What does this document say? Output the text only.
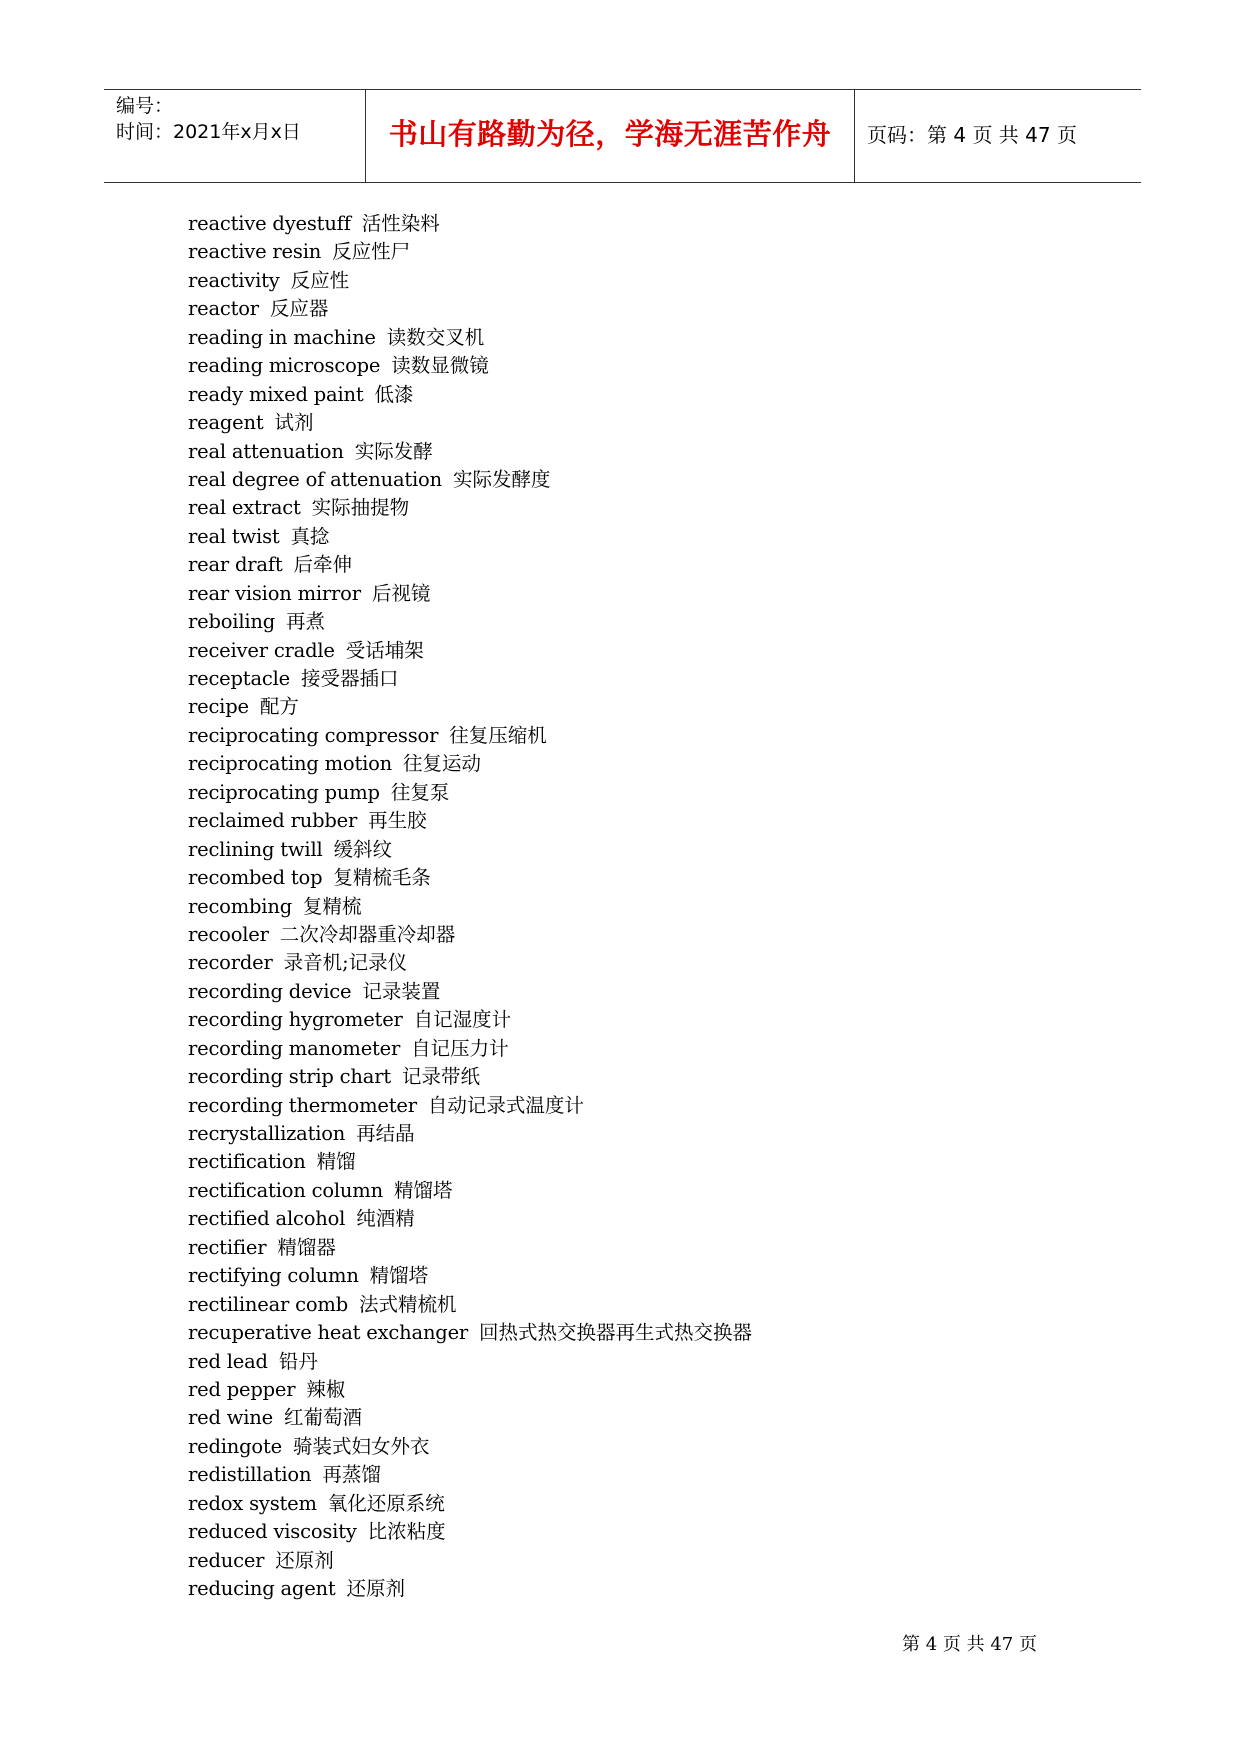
编号：
时间：2021年x月x日	书山有路勤为径，学海无涯苦作舟	页码：第 4 页 共 47 页
reactive dyestuff 活性染料
reactive resin 反应性尸
reactivity 反应性
reactor 反应器
reading in machine 读数交叉机
reading microscope 读数显微镜
ready mixed paint 低漆
reagent 试剂
real attenuation 实际发酵
real degree of attenuation 实际发酵度
real extract 实际抽提物
real twist 真捻
rear draft 后牵伸
rear vision mirror 后视镜
reboiling 再煮
receiver cradle 受话埔架
receptacle 接受器插口
recipe 配方
reciprocating compressor 往复压缩机
reciprocating motion 往复运动
reciprocating pump 往复泵
reclaimed rubber 再生胶
reclining twill 缓斜纹
recombed top 复精梳毛条
recombing 复精梳
recooler 二次冷却器重冷却器
recorder 录音机;记录仪
recording device 记录装置
recording hygrometer 自记湿度计
recording manometer 自记压力计
recording strip chart 记录带纸
recording thermometer 自动记录式温度计
recrystallization 再结晶
rectification 精馏
rectification column 精馏塔
rectified alcohol 纯酒精
rectifier 精馏器
rectifying column 精馏塔
rectilinear comb 法式精梳机
recuperative heat exchanger 回热式热交换器再生式热交换器
red lead 铅丹
red pepper 辣椒
red wine 红葡萄酒
redingote 骑装式妇女外衣
redistillation 再蒸馏
redox system 氧化还原系统
reduced viscosity 比浓粘度
reducer 还原剂
reducing agent 还原剂
第 4 页 共 47 页
